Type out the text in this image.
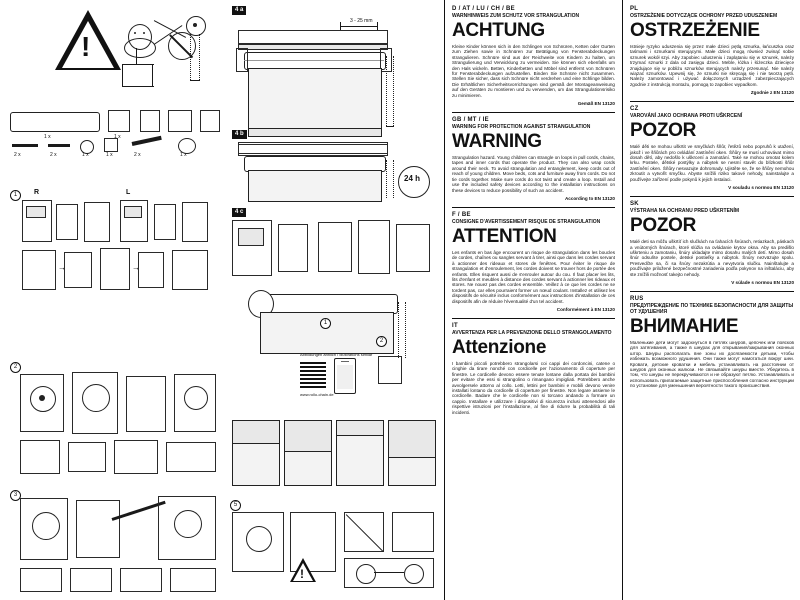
!
4 a
3 - 25 mm
4 b
24 h
1 x	1 x
2 x	2 x	1 x	1 x	2 x	1 x
1	R	L
→	→
4 c
1
2
2
3
Abbildungen ähnlich / Illustrations similar
www.rollo-chain.de
5
!
D / AT / LU / CH / BE
WARNHINWEIS ZUM SCHUTZ VOR STRANGULATION
ACHTUNG
Kleine Kinder können sich in den Schlingen von Schnüren, Ketten oder Gurten zum Ziehen sowie in Schnüren zur Betätigung von Fensterabdeckungen strangulieren. Schnüre sind aus der Reichweite von Kindern zu halten, um Strangulierung und Verwicklung zu vermeiden. Sie können sich ebenfalls um den Hals wickeln. Betten, Kinderbetten und Möbel sind entfernt von Schnüren für Fensterabdeckungen aufzustellen. Binden Sie Schnüre nicht zusammen. Stellen Sie sicher, dass sich Schnüre nicht verdrehen und eine Schlinge bilden. Die Erhältlichen Sicherheitsvorrichtungen sind gemäß der Montageanweisung auf den Geräten zu montieren und zu verwenden, um das Strangulationsrisiko zu minimieren.
Gemäß EN 13120
GB / MT / IE
WARNING FOR PROTECTION AGAINST STRANGULATION
WARNING
Strangulation hazard. Young children can strangle on loops in pull cords, chains, tapes and inner cords that operate the product. They can also wrap cords around their neck. To avoid strangulation and entanglement, keep cords out of reach of young children. Move beds, cots and furniture away from cords. Do not tie cords together. Make sure cords do not twist and create a loop. Install and use the included safety devices according to the installation instructions on these devices to reduce possibility of such an accident.
According to EN 13120
F / BE
CONSIGNE D'AVERTISSEMENT RISQUE DE STRANGULATION
ATTENTION
Les enfants en bas âge encourent un risque de strangulation dans les boucles de cordes, chaînes ou sangles servant à tirer, ainsi que dans les cordes servant à actionner des rideaux et stores de fenêtres. Pour éviter le risque de strangulation et d'enroulement, les cordes doivent se trouver hors de portée des enfants. Elles risquent aussi de s'enrouler autour du cou. Il faut placer les lits, lits d'enfant et meubles à distance des cordes servant à actionner les rideaux et stores. Ne nouez pas des cordes ensemble. Veillez à ce que les cordes ne se tordent pas, car elles pourraient former un nœud coulant. Installez et utilisez les dispositifs de sécurité inclus conformément aux instructions d'installation de ces dispositifs afin de réduire l'éventualité d'un tel accident.
Conformément à EN 13120
IT
AVVERTENZA PER LA PREVENZIONE DELLO STRANGOLAMENTO
Attenzione
I bambini piccoli potrebbero strangolarsi coi cappi dei cordoncini, catene o cinghie da tirare nonché con cordicelle per l'azionamento di coperture per finestre. Le cordicelle devono essere tenute lontane dalla portata dei bambini per evitare che essi si strangolino o rimangano impigliati. Potrebbero anche avvolgersele attorno al collo. Letti, lettini per bambini e mobili devono venire installati lontano da cordicelle di coperture per finestre. Non legare assieme le cordicelle. Badare che le cordicelle non si torcano andando a formare un cappio. Installare e utilizzare i dispositivi di sicurezza inclusi attenendosi alle rispettive istruzioni per l'installazione, al fine di ridurre la probabilità di tali incidenti.
PL
OSTRZEŻENIE DOTYCZĄCE OCHRONY PRZED UDUSZENIEM
OSTRZEŻENIE
Istnieje ryzyko uduszenia się przez małe dzieci pętlą sznurka, łańcuszka oraz taśmami i sznurkami sterującymi. Małe dzieci mogą również zwinąć sobie sznurek wokół szyi. Aby zapobiec uduszeniu i zaplątaniu się w sznurek, należy trzymać sznurki z dala od zasięgu dzieci. Meble, łóżka i łóżeczka dziecięce znajdujące się w pobliżu sznurków sterujących należy przesunąć. Nie należy wiązać sznurków. Upewnij się, że sznurki nie skręcają się i nie tworzą pętli. Należy zamontować i używać dołączonych urządzeń zabezpieczających zgodnie z instrukcją montażu, pomogą to zapobiec wypadkom.
Zgodnie z EN 13120
CZ
VAROVÁNÍ JAKO OCHRANA PROTI UŠKRCENÍ
POZOR
Malé děti se mohou uškrtit ve smyčkách šňůr, řetězů nebo popruhů k utažení, jakož i ve šňůrách pro ovládání zastínění oken. Šňůry se musí uchovávat mimo dosah dětí, aby nedošlo k uškrcení a zamotání. Také se mohou omotat kolem krku. Postele, dětské postýlky a nábytek se nesmí stavět do blízkosti šňůr zastínění oken. Šňůry nesvazujte dohromady. Ujistěte se, že se šňůry nemohou zkroutit a vytvořit smyčku. Abyste snížili riziko takové nehody, nainstalujte a používejte zařízení podle pokynů k jejich instalaci.
V souladu s normou EN 13120
SK
VÝSTRAHA NA OCHRANU PRED UŠKRTENÍM
POZOR
Malé deti sa môžu uškrtiť ich slučkách na ťahacích šnúrach, retiazkach, páskach a vnútorných šnúrach, ktoré slúžia na ovládanie krytov okna. Aby sa predišlo uškrteniu a zamotaniu, šnúry ukladajte mimo dosahu malých detí. Mimo dosah šnúr odsuňte postele, detské postieľky a nábytok. Šnúry nezväzujte spolu. Presvedčte sa, či sa šnúry nezakrútia a nevytvoria slučku. Nainštalujte a používajte priložené bezpečnostné zariadenia podľa pokynov na inštaláciu, aby ste znížili možnosť takejto nehody.
V súlade s normou EN 13120
RUS
ПРЕДУПРЕЖДЕНИЕ ПО ТЕХНИКЕ БЕЗОПАСНОСТИ ДЛЯ ЗАЩИТЫ ОТ УДУШЕНИЯ
ВНИМАНИЕ
Маленькие дети могут задохнуться в петлях шнуров, цепочек или поясков для затягивания, а также в шнурах для открывания/закрывания оконных штор. Шнуры располагать вне зоны их досягаемости детьми, чтобы избежать возможного удушения. Они также могут намотаться вокруг шеи. Кровати, детские кроватки и мебель устанавливать на расстоянии от шнуров для оконных жалюзи. Не связывайте шнуры вместе. Убедитесь в том, что шнуры не перекручиваются и не образуют петлю. Устанавливать и использовать прилагаемые защитные приспособления согласно инструкции по установке для уменьшения вероятности такого происшествия.
